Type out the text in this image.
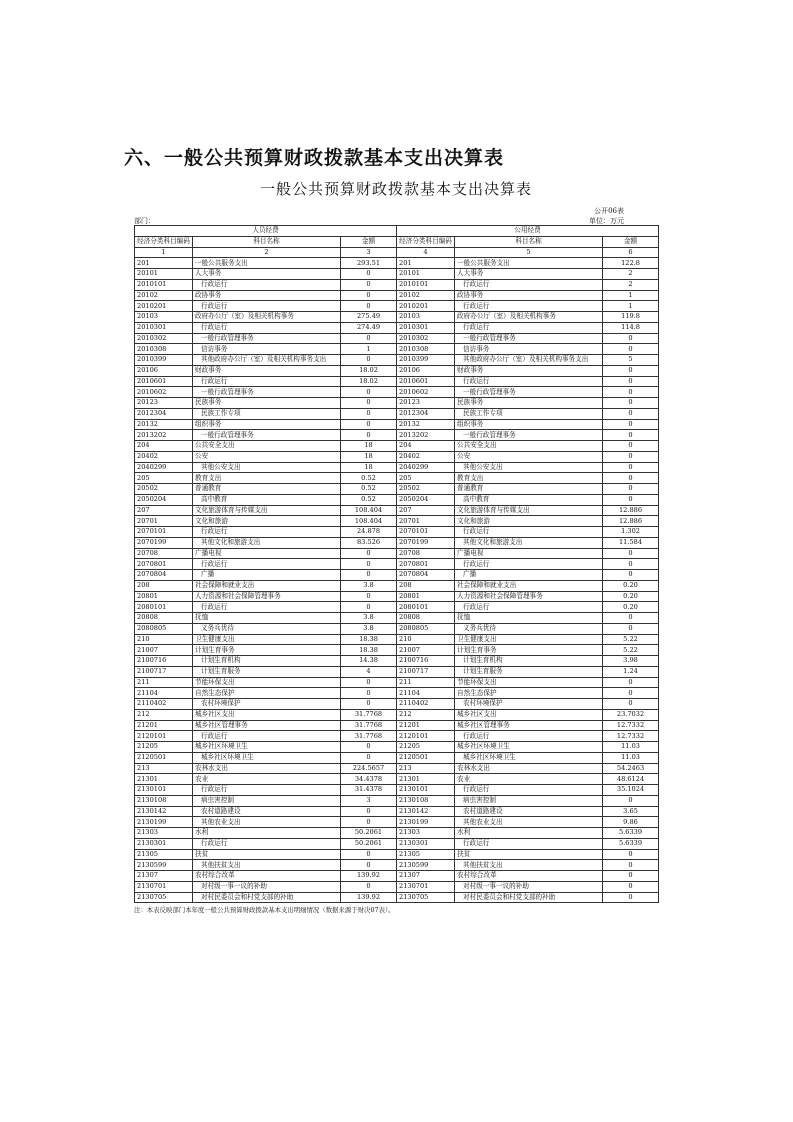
六、一般公共预算财政拨款基本支出决算表
一般公共预算财政拨款基本支出决算表
公开06表
部门：	单位：万元
人员经费			公用经费		
经济分类科目编码	科目名称	金额	经济分类科目编码	科目名称	金额
1	2	3	4	5	6
201	一般公共服务支出	293.51	201	一般公共服务支出	122.8
20101	人大事务	0	20101	人大事务	2
2010101	行政运行	0	2010101	行政运行	2
20102	政协事务	0	20102	政协事务	1
2010201	行政运行	0	2010201	行政运行	1
20103	政府办公厅（室）及相关机构事务	275.49	20103	政府办公厅（室）及相关机构事务	119.8
2010301	行政运行	274.49	2010301	行政运行	114.8
2010302	一般行政管理事务	0	2010302	一般行政管理事务	0
2010308	信访事务	1	2010308	信访事务	0
2010399	其他政府办公厅（室）及相关机构事务支出	0	2010399	其他政府办公厅（室）及相关机构事务支出	5
20106	财政事务	18.02	20106	财政事务	0
2010601	行政运行	18.02	2010601	行政运行	0
2010602	一般行政管理事务	0	2010602	一般行政管理事务	0
20123	民族事务	0	20123	民族事务	0
2012304	民族工作专项	0	2012304	民族工作专项	0
20132	组织事务	0	20132	组织事务	0
2013202	一般行政管理事务	0	2013202	一般行政管理事务	0
204	公共安全支出	18	204	公共安全支出	0
20402	公安	18	20402	公安	0
2040299	其他公安支出	18	2040299	其他公安支出	0
205	教育支出	0.52	205	教育支出	0
20502	普通教育	0.52	20502	普通教育	0
2050204	高中教育	0.52	2050204	高中教育	0
207	文化旅游体育与传媒支出	108.404	207	文化旅游体育与传媒支出	12.886
20701	文化和旅游	108.404	20701	文化和旅游	12.886
2070101	行政运行	24.878	2070101	行政运行	1.302
2070199	其他文化和旅游支出	83.526	2070199	其他文化和旅游支出	11.584
20708	广播电视	0	20708	广播电视	0
2070801	行政运行	0	2070801	行政运行	0
2070804	广播	0	2070804	广播	0
208	社会保障和就业支出	3.8	208	社会保障和就业支出	0.20
20801	人力资源和社会保障管理事务	0	20801	人力资源和社会保障管理事务	0.20
2080101	行政运行	0	2080101	行政运行	0.20
20808	抚恤	3.8	20808	抚恤	0
2080805	义务兵优待	3.8	2080805	义务兵优待	0
210	卫生健康支出	18.38	210	卫生健康支出	5.22
21007	计划生育事务	18.38	21007	计划生育事务	5.22
2100716	计划生育机构	14.38	2100716	计划生育机构	3.98
2100717	计划生育服务	4	2100717	计划生育服务	1.24
211	节能环保支出	0	211	节能环保支出	0
21104	自然生态保护	0	21104	自然生态保护	0
2110402	农村环境保护	0	2110402	农村环境保护	0
212	城乡社区支出	31.7768	212	城乡社区支出	23.7032
21201	城乡社区管理事务	31.7768	21201	城乡社区管理事务	12.7332
2120101	行政运行	31.7768	2120101	行政运行	12.7332
21205	城乡社区环境卫生	0	21205	城乡社区环境卫生	11.03
2120501	城乡社区环境卫生	0	2120501	城乡社区环境卫生	11.03
213	农林水支出	224.5657	213	农林水支出	54.2463
21301	农业	34.4378	21301	农业	48.6124
2130101	行政运行	31.4378	2130101	行政运行	35.1024
2130108	病虫害控制	3	2130108	病虫害控制	0
2130142	农村道路建设	0	2130142	农村道路建设	3.65
2130199	其他农业支出	0	2130199	其他农业支出	9.86
21303	水利	50.2061	21303	水利	5.6339
2130301	行政运行	50.2061	2130301	行政运行	5.6339
21305	扶贫	0	21305	扶贫	0
2130599	其他扶贫支出	0	2130599	其他扶贫支出	0
21307	农村综合改革	139.92	21307	农村综合改革	0
2130701	对村级一事一议的补助	0	2130701	对村级一事一议的补助	0
2130705	对村民委员会和村党支部的补助	139.92	2130705	对村民委员会和村党支部的补助	0
注：本表反映部门本年度一般公共预算财政拨款基本支出明细情况（数据来源于财决07表）。
